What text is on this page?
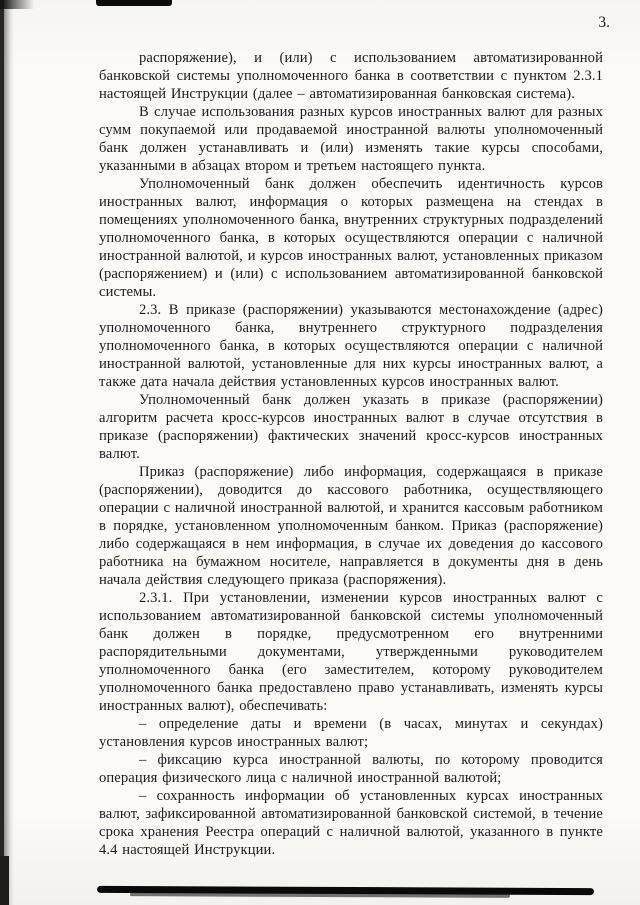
3.

распоряжение), и (или) с использованием автоматизированной банковской системы уполномоченного банка в соответствии с пунктом 2.3.1 настоящей Инструкции (далее – автоматизированная банковская система).

В случае использования разных курсов иностранных валют для разных сумм покупаемой или продаваемой иностранной валюты уполномоченный банк должен устанавливать и (или) изменять такие курсы способами, указанными в абзацах втором и третьем настоящего пункта.

Уполномоченный банк должен обеспечить идентичность курсов иностранных валют, информация о которых размещена на стендах в помещениях уполномоченного банка, внутренних структурных подразделений уполномоченного банка, в которых осуществляются операции с наличной иностранной валютой, и курсов иностранных валют, установленных приказом (распоряжением) и (или) с использованием автоматизированной банковской системы.

2.3. В приказе (распоряжении) указываются местонахождение (адрес) уполномоченного банка, внутреннего структурного подразделения уполномоченного банка, в которых осуществляются операции с наличной иностранной валютой, установленные для них курсы иностранных валют, а также дата начала действия установленных курсов иностранных валют.

Уполномоченный банк должен указать в приказе (распоряжении) алгоритм расчета кросс-курсов иностранных валют в случае отсутствия в приказе (распоряжении) фактических значений кросс-курсов иностранных валют.

Приказ (распоряжение) либо информация, содержащаяся в приказе (распоряжении), доводится до кассового работника, осуществляющего операции с наличной иностранной валютой, и хранится кассовым работником в порядке, установленном уполномоченным банком. Приказ (распоряжение) либо содержащаяся в нем информация, в случае их доведения до кассового работника на бумажном носителе, направляется в документы дня в день начала действия следующего приказа (распоряжения).

2.3.1. При установлении, изменении курсов иностранных валют с использованием автоматизированной банковской системы уполномоченный банк должен в порядке, предусмотренном его внутренними распорядительными документами, утвержденными руководителем уполномоченного банка (его заместителем, которому руководителем уполномоченного банка предоставлено право устанавливать, изменять курсы иностранных валют), обеспечивать:

– определение даты и времени (в часах, минутах и секундах) установления курсов иностранных валют;

– фиксацию курса иностранной валюты, по которому проводится операция физического лица с наличной иностранной валютой;

– сохранность информации об установленных курсах иностранных валют, зафиксированной автоматизированной банковской системой, в течение срока хранения Реестра операций с наличной валютой, указанного в пункте 4.4 настоящей Инструкции.
